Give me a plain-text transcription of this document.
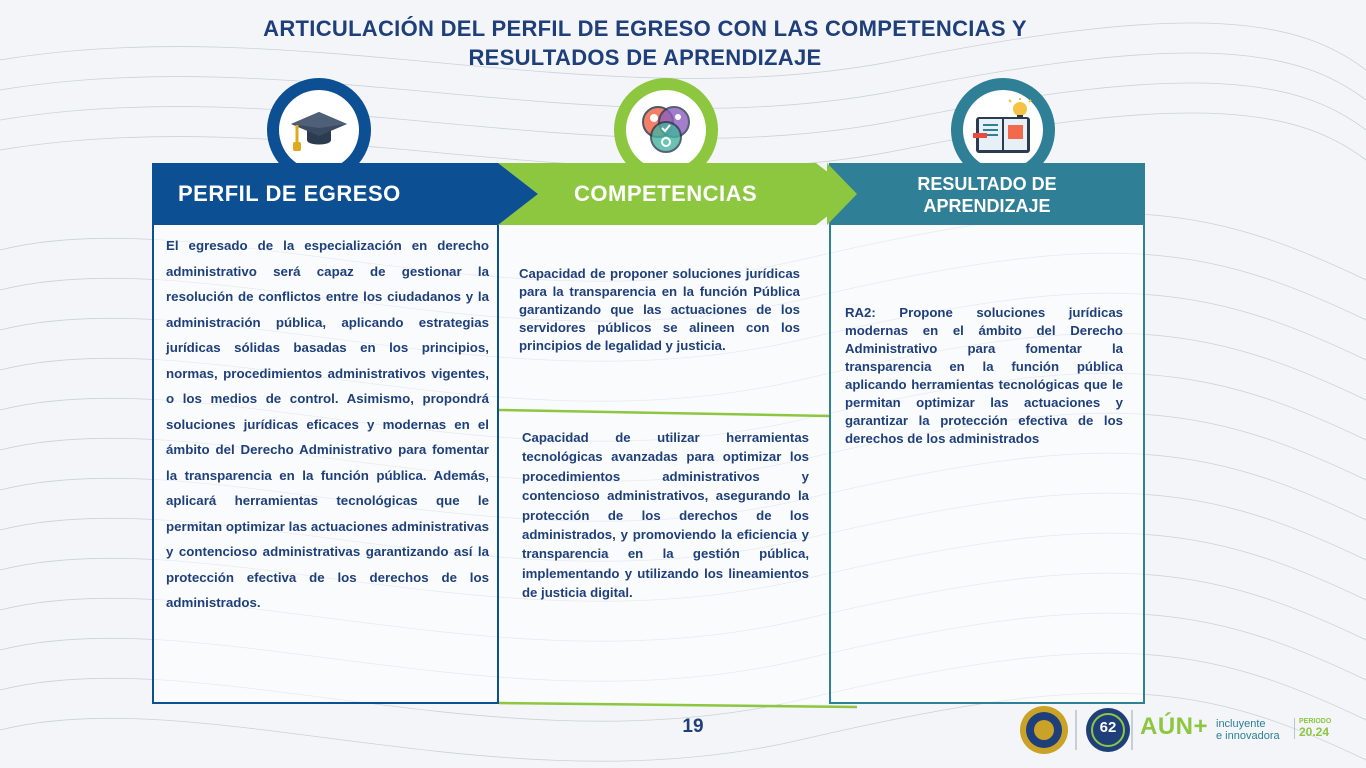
ARTICULACIÓN DEL PERFIL DE EGRESO CON LAS COMPETENCIAS Y
RESULTADOS DE APRENDIZAJE
PERFIL DE EGRESO	COMPETENCIAS	RESULTADO DE
APRENDIZAJE
El egresado de la especialización en derecho administrativo será capaz de gestionar la resolución de conflictos entre los ciudadanos y la administración pública, aplicando estrategias jurídicas sólidas basadas en los principios, normas, procedimientos administrativos vigentes, o los medios de control. Asimismo, propondrá soluciones jurídicas eficaces y modernas en el ámbito del Derecho Administrativo para fomentar la transparencia en la función pública. Además, aplicará herramientas tecnológicas que le permitan optimizar las actuaciones administrativas y contencioso administrativas garantizando así la protección efectiva de los derechos de los administrados.
Capacidad de proponer soluciones jurídicas para la transparencia en la función Pública garantizando que las actuaciones de los servidores públicos se alineen con los principios de legalidad y justicia.
Capacidad de utilizar herramientas tecnológicas avanzadas para optimizar los procedimientos administrativos y contencioso administrativos, asegurando la protección de los derechos de los administrados, y promoviendo la eficiencia y transparencia en la gestión pública, implementando y utilizando los lineamientos de justicia digital.
RA2: Propone soluciones jurídicas modernas en el ámbito del Derecho Administrativo para fomentar la transparencia en la función pública aplicando herramientas tecnológicas que le permitan optimizar las actuaciones y garantizar la protección efectiva de los derechos de los administrados
19	62 AÚN+ incluyente
e innovadora
PERIODO
20.24
